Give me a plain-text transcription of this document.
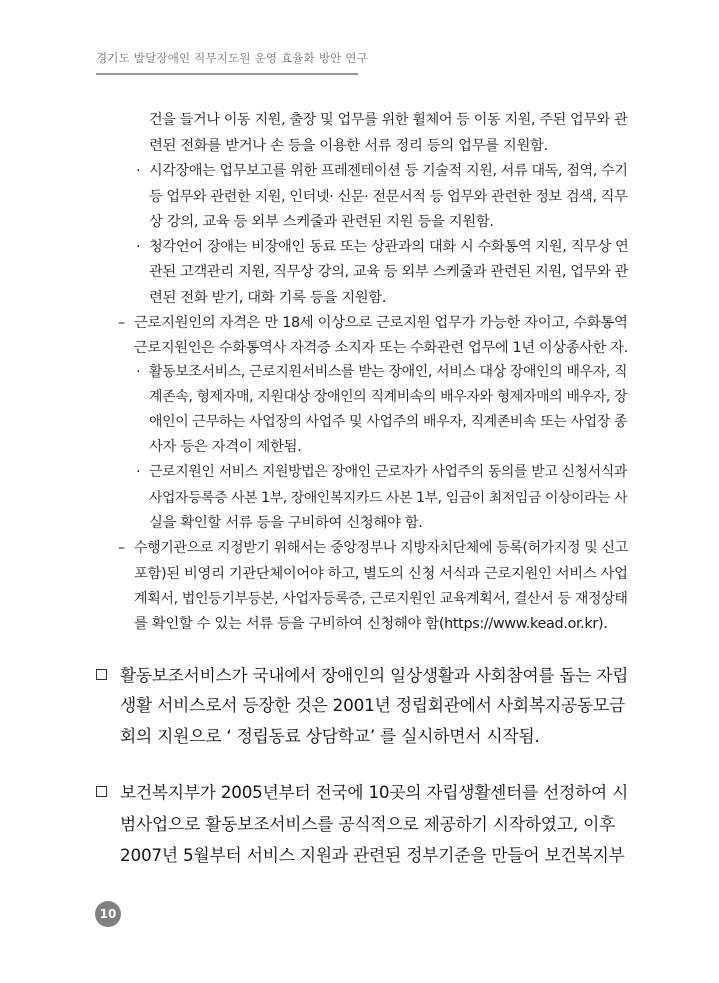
경기도 발달장애인 직무지도원 운영 효율화 방안 연구
건을 들거나 이동 지원, 출장 및 업무를 위한 휠체어 등 이동 지원, 주된 업무와 관
련된 전화를 받거나 손 등을 이용한 서류 정리 등의 업무를 지원함.
· 시각장애는 업무보고를 위한 프레젠테이션 등 기술적 지원, 서류 대독, 점역, 수기
등 업무와 관련한 지원, 인터넷· 신문· 전문서적 등 업무와 관련한 정보 검색, 직무
상 강의, 교육 등 외부 스케줄과 관련된 지원 등을 지원함.
· 청각언어 장애는 비장애인 동료 또는 상관과의 대화 시 수화통역 지원, 직무상 연
관된 고객관리 지원, 직무상 강의, 교육 등 외부 스케줄과 관련된 지원, 업무와 관
련된 전화 받기, 대화 기록 등을 지원함.
– 근로지원인의 자격은 만 18세 이상으로 근로지원 업무가 가능한 자이고, 수화통역
근로지원인은 수화통역사 자격증 소지자 또는 수화관련 업무에 1년 이상종사한 자.
· 활동보조서비스, 근로지원서비스를 받는 장애인, 서비스 대상 장애인의 배우자, 직
계존속, 형제자매, 지원대상 장애인의 직계비속의 배우자와 형제자매의 배우자, 장
애인이 근무하는 사업장의 사업주 및 사업주의 배우자, 직계존비속 또는 사업장 종
사자 등은 자격이 제한됨.
· 근로지원인 서비스 지원방법은 장애인 근로자가 사업주의 동의를 받고 신청서식과
사업자등록증 사본 1부, 장애인복지카드 사본 1부, 임금이 최저임금 이상이라는 사
실을 확인할 서류 등을 구비하여 신청해야 함.
– 수행기관으로 지정받기 위해서는 중앙정부나 지방자치단체에 등록(허가지정 및 신고
포함)된 비영리 기관단체이어야 하고, 별도의 신청 서식과 근로지원인 서비스 사업
계획서, 법인등기부등본, 사업자등록증, 근로지원인 교육계획서, 결산서 등 재정상태
를 확인할 수 있는 서류 등을 구비하여 신청해야 함(https://www.kead.or.kr).
활동보조서비스가 국내에서 장애인의 일상생활과 사회참여를 돕는 자립
생활 서비스로서 등장한 것은 2001년 정립회관에서 사회복지공동모금
회의 지원으로 ‘ 정립동료 상담학교’ 를 실시하면서 시작됨.
보건복지부가 2005년부터 전국에 10곳의 자립생활센터를 선정하여 시
범사업으로 활동보조서비스를 공식적으로 제공하기 시작하였고, 이후
2007년 5월부터 서비스 지원과 관련된 정부기준을 만들어 보건복지부
10
